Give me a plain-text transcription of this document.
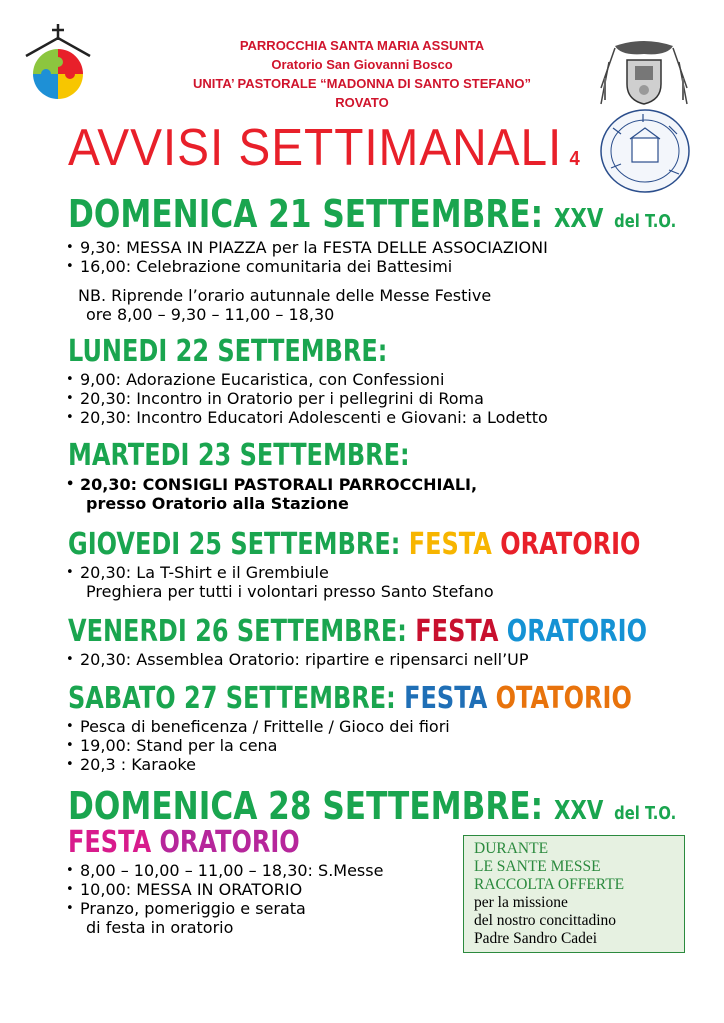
PARROCCHIA SANTA MARIA ASSUNTA
Oratorio San Giovanni Bosco
UNITA’ PASTORALE “MADONNA DI SANTO STEFANO”
ROVATO
AVVISI SETTIMANALI 4
DOMENICA 21 SETTEMBRE: XXV del T.O.
• 9,30: MESSA IN PIAZZA per la FESTA DELLE ASSOCIAZIONI
• 16,00: Celebrazione comunitaria dei Battesimi
NB. Riprende l’orario autunnale delle Messe Festive
ore 8,00 – 9,30 – 11,00 – 18,30
LUNEDI 22 SETTEMBRE:
• 9,00: Adorazione Eucaristica, con Confessioni
• 20,30: Incontro in Oratorio per i pellegrini di Roma
• 20,30: Incontro Educatori Adolescenti e Giovani: a Lodetto
MARTEDI 23 SETTEMBRE:
• 20,30: CONSIGLI PASTORALI PARROCCHIALI,
presso Oratorio alla Stazione
GIOVEDI 25 SETTEMBRE: FESTA ORATORIO
• 20,30: La T-Shirt e il Grembiule
Preghiera per tutti i volontari presso Santo Stefano
VENERDI 26 SETTEMBRE: FESTA ORATORIO
• 20,30: Assemblea Oratorio: ripartire e ripensarci nell’UP
SABATO 27 SETTEMBRE: FESTA OTATORIO
• Pesca di beneficenza / Frittelle / Gioco dei fiori
• 19,00: Stand per la cena
• 20,3 : Karaoke
DOMENICA 28 SETTEMBRE: XXV del T.O.
FESTA ORATORIO
• 8,00 – 10,00 – 11,00 – 18,30: S.Messe
• 10,00: MESSA IN ORATORIO
• Pranzo, pomeriggio e serata
di festa in oratorio
DURANTE
LE SANTE MESSE
RACCOLTA OFFERTE
per la missione
del nostro concittadino
Padre Sandro Cadei
